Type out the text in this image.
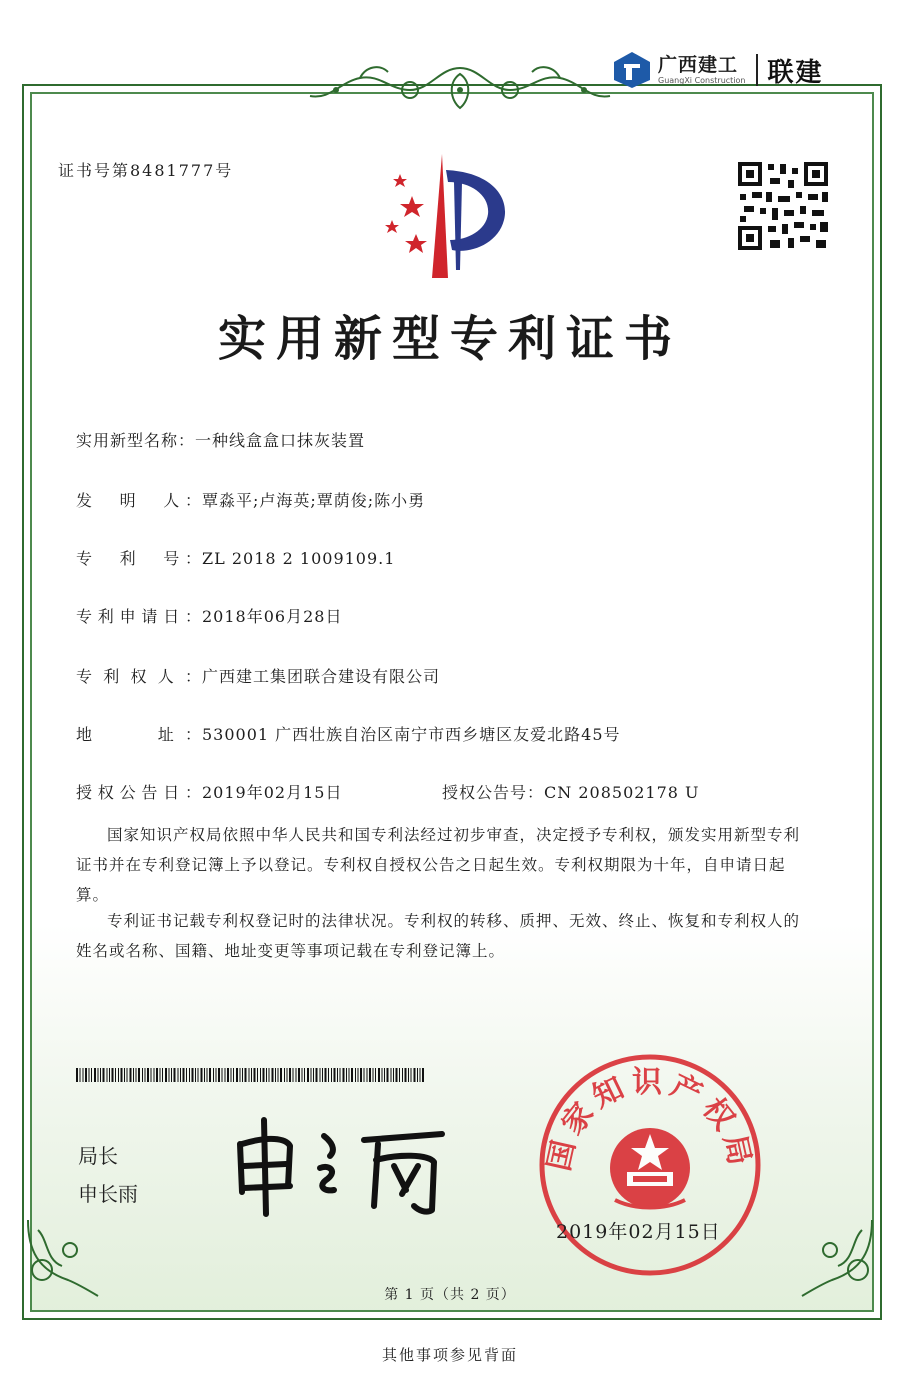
广西建工
GuangXi Construction 联建
证书号第8481777号
实用新型专利证书
实用新型名称：一种线盒盒口抹灰装置
发　明　人：覃淼平;卢海英;覃荫俊;陈小勇
专　利　号：ZL 2018 2 1009109.1
专利申请日：2018年06月28日
专利权人：广西建工集团联合建设有限公司
地　　址：530001 广西壮族自治区南宁市西乡塘区友爱北路45号
授权公告日：2019年02月15日	授权公告号：CN 208502178 U
国家知识产权局依照中华人民共和国专利法经过初步审查，决定授予专利权，颁发实用新型专利证书并在专利登记簿上予以登记。专利权自授权公告之日起生效。专利权期限为十年，自申请日起算。
专利证书记载专利权登记时的法律状况。专利权的转移、质押、无效、终止、恢复和专利权人的姓名或名称、国籍、地址变更等事项记载在专利登记簿上。
局长
申长雨
国家知识产权局
2019年02月15日
第 1 页（共 2 页）
其他事项参见背面
